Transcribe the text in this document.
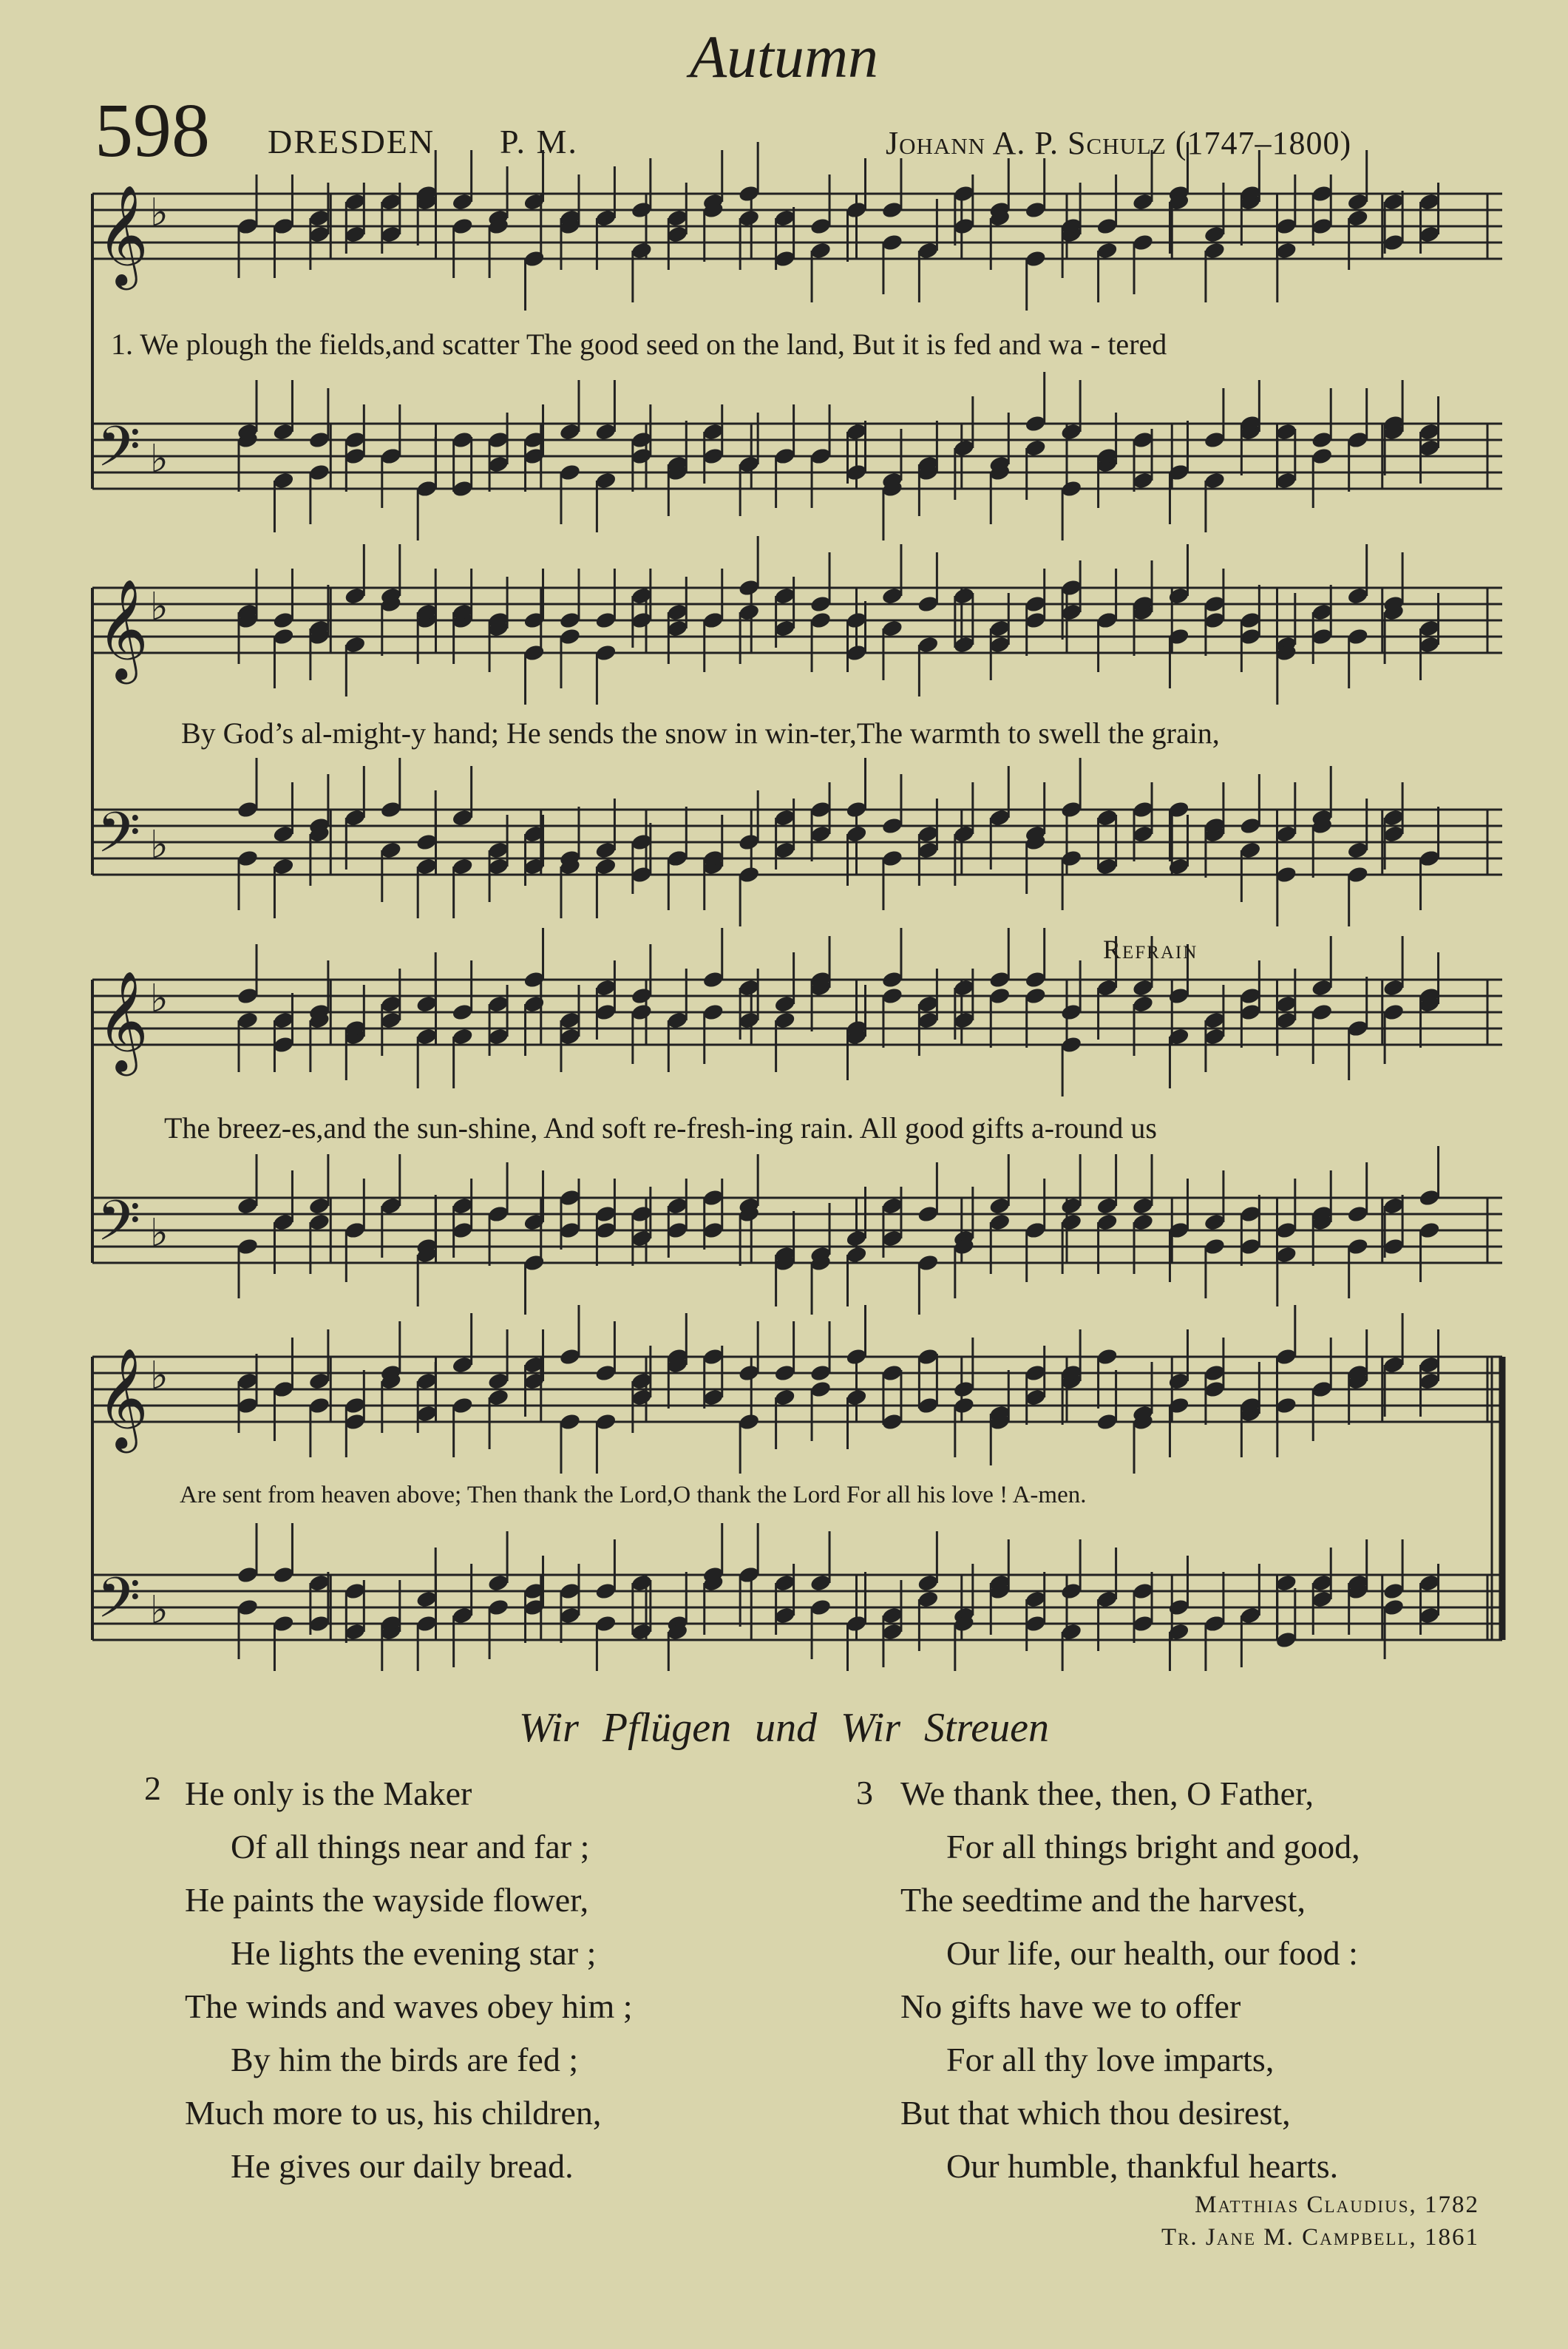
Autumn
598 DRESDEN P. M.	Johann A. P. Schulz (1747–1800)
𝄞
𝄢
♭
♭
𝄞
𝄢
♭
♭
𝄞
𝄢
♭
♭
𝄞
𝄢
♭
♭
1. We plough the fields,and scatter The good seed on the land, But it is fed and wa - tered
By God’s al-might-y hand; He sends the snow in win-ter,The warmth to swell the grain,
Refrain
The breez-es,and the sun-shine, And soft re-fresh-ing rain. All good gifts a-round us
Are sent from heaven above; Then thank the Lord,O thank the Lord For all his love ! A-men.
Wir Pflügen und Wir Streuen
2 He only is the Maker
Of all things near and far ;
He paints the wayside flower,
He lights the evening star ;
The winds and waves obey him ;
By him the birds are fed ;
Much more to us, his children,
He gives our daily bread.
3 We thank thee, then, O Father,
For all things bright and good,
The seedtime and the harvest,
Our life, our health, our food :
No gifts have we to offer
For all thy love imparts,
But that which thou desirest,
Our humble, thankful hearts.
Matthias Claudius, 1782
Tr. Jane M. Campbell, 1861
